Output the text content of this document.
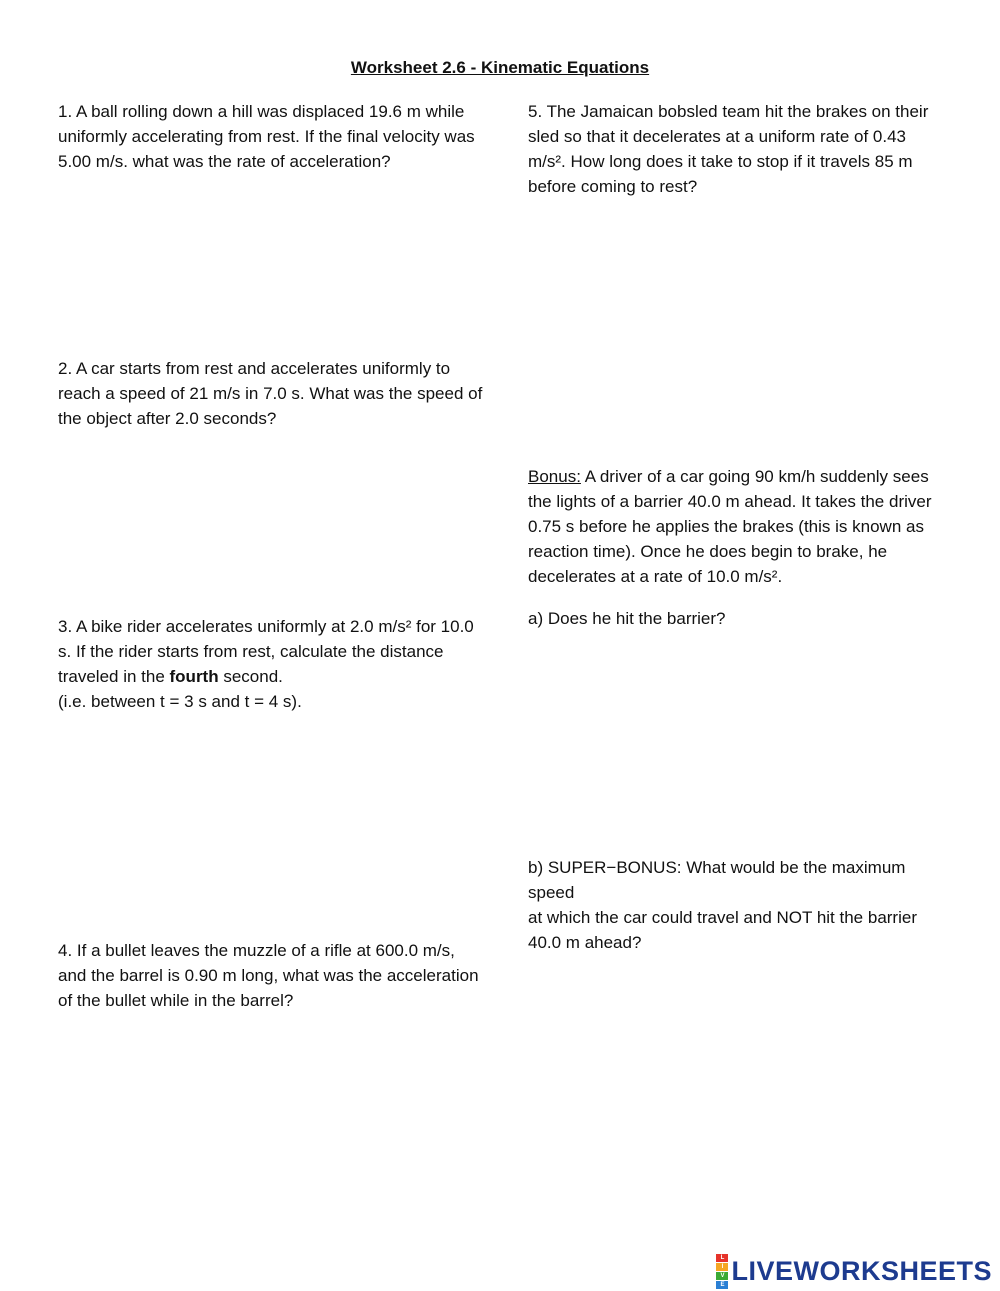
Worksheet 2.6 - Kinematic Equations
1. A ball rolling down a hill was displaced 19.6 m while
uniformly accelerating from rest. If the final velocity was
5.00 m/s. what was the rate of acceleration?
2. A car starts from rest and accelerates uniformly to
reach a speed of 21 m/s in 7.0 s. What was the speed of
the object after 2.0 seconds?
3. A bike rider accelerates uniformly at 2.0 m/s² for 10.0
s. If the rider starts from rest, calculate the distance
traveled in the fourth second.
(i.e. between t = 3 s and t = 4 s).
4. If a bullet leaves the muzzle of a rifle at 600.0 m/s,
and the barrel is 0.90 m long, what was the acceleration
of the bullet while in the barrel?
5. The Jamaican bobsled team hit the brakes on their
sled so that it decelerates at a uniform rate of 0.43
m/s². How long does it take to stop if it travels 85 m
before coming to rest?
Bonus: A driver of a car going 90 km/h suddenly sees
the lights of a barrier 40.0 m ahead. It takes the driver
0.75 s before he applies the brakes (this is known as
reaction time). Once he does begin to brake, he
decelerates at a rate of 10.0 m/s².
a) Does he hit the barrier?
b) SUPER−BONUS: What would be the maximum speed
at which the car could travel and NOT hit the barrier
40.0 m ahead?
L
I
V
E LIVEWORKSHEETS
